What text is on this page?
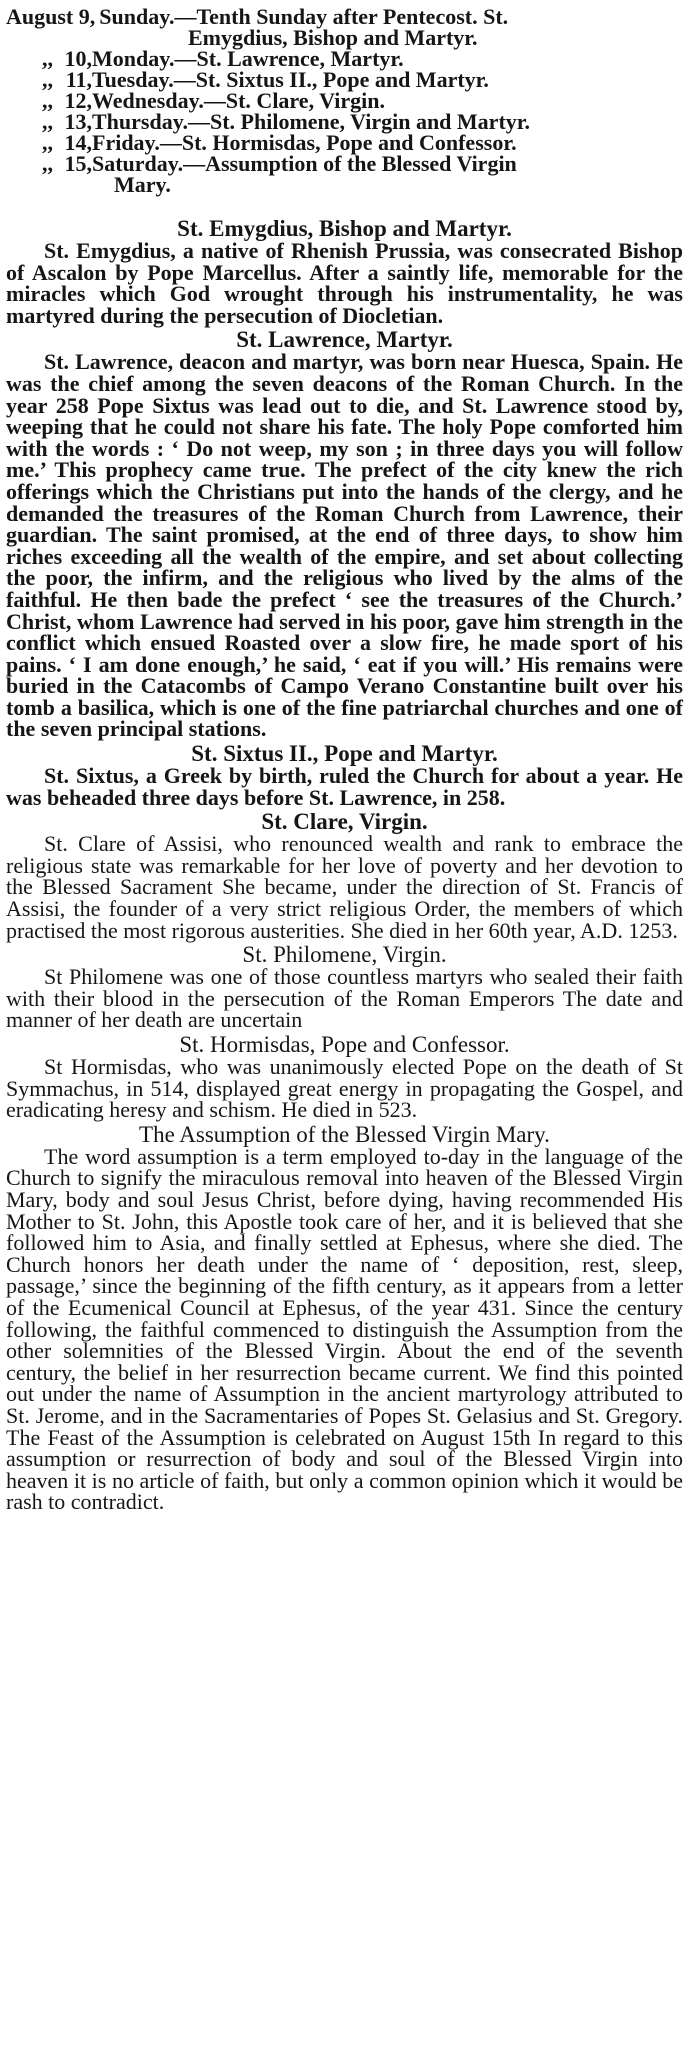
August 9, Sunday.—Tenth Sunday after Pentecost. St.
Emygdius, Bishop and Martyr.
,, 10, Monday.—St. Lawrence, Martyr.
,, 11, Tuesday.—St. Sixtus II., Pope and Martyr.
,, 12, Wednesday.—St. Clare, Virgin.
,, 13, Thursday.—St. Philomene, Virgin and Martyr.
,, 14, Friday.—St. Hormisdas, Pope and Confessor.
,, 15, Saturday.—Assumption of the Blessed Virgin
Mary.
St. Emygdius, Bishop and Martyr.

St. Emygdius, a native of Rhenish Prussia, was consecrated Bishop of Ascalon by Pope Marcellus. After a saintly life, memorable for the miracles which God wrought through his instrumentality, he was martyred during the persecution of Diocletian.

St. Lawrence, Martyr.

St. Lawrence, deacon and martyr, was born near Huesca, Spain. He was the chief among the seven deacons of the Roman Church. In the year 258 Pope Sixtus was lead out to die, and St. Lawrence stood by, weeping that he could not share his fate. The holy Pope comforted him with the words : ‘ Do not weep, my son ; in three days you will follow me.’ This prophecy came true. The prefect of the city knew the rich offerings which the Christians put into the hands of the clergy, and he demanded the treasures of the Roman Church from Lawrence, their guardian. The saint promised, at the end of three days, to show him riches exceeding all the wealth of the empire, and set about collecting the poor, the infirm, and the religious who lived by the alms of the faithful. He then bade the prefect ‘ see the treasures of the Church.’ Christ, whom Lawrence had served in his poor, gave him strength in the conflict which ensued Roasted over a slow fire, he made sport of his pains. ‘ I am done enough,’ he said, ‘ eat if you will.’ His remains were buried in the Catacombs of Campo Verano Constantine built over his tomb a basilica, which is one of the fine patriarchal churches and one of the seven principal stations.

St. Sixtus II., Pope and Martyr.

St. Sixtus, a Greek by birth, ruled the Church for about a year. He was beheaded three days before St. Lawrence, in 258.

St. Clare, Virgin.

St. Clare of Assisi, who renounced wealth and rank to embrace the religious state was remarkable for her love of poverty and her devotion to the Blessed Sacrament She became, under the direction of St. Francis of Assisi, the founder of a very strict religious Order, the members of which practised the most rigorous austerities. She died in her 60th year, A.D. 1253.

St. Philomene, Virgin.

St Philomene was one of those countless martyrs who sealed their faith with their blood in the persecution of the Roman Emperors The date and manner of her death are uncertain

St. Hormisdas, Pope and Confessor.

St Hormisdas, who was unanimously elected Pope on the death of St Symmachus, in 514, displayed great energy in propagating the Gospel, and eradicating heresy and schism. He died in 523.

The Assumption of the Blessed Virgin Mary.

The word assumption is a term employed to-day in the language of the Church to signify the miraculous removal into heaven of the Blessed Virgin Mary, body and soul Jesus Christ, before dying, having recommended His Mother to St. John, this Apostle took care of her, and it is believed that she followed him to Asia, and finally settled at Ephesus, where she died. The Church honors her death under the name of ‘ deposition, rest, sleep, passage,’ since the beginning of the fifth century, as it appears from a letter of the Ecumenical Council at Ephesus, of the year 431. Since the century following, the faithful commenced to distinguish the Assumption from the other solemnities of the Blessed Virgin. About the end of the seventh century, the belief in her resurrection became current. We find this pointed out under the name of Assumption in the ancient martyrology attributed to St. Jerome, and in the Sacramentaries of Popes St. Gelasius and St. Gregory. The Feast of the Assumption is celebrated on August 15th In regard to this assumption or resurrection of body and soul of the Blessed Virgin into heaven it is no article of faith, but only a common opinion which it would be rash to contradict.
